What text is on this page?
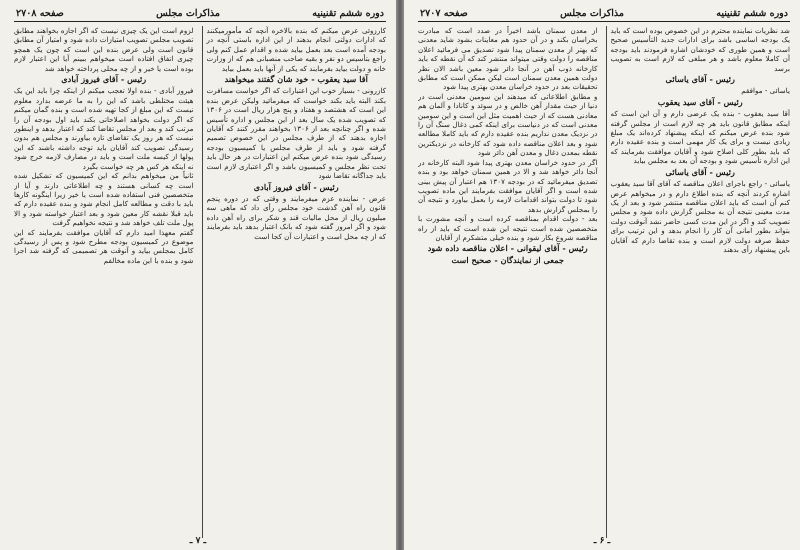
دوره ششم تقنینیه
مذاکرات مجلس
صفحه ۲۷۰۸

کارزوئی عرض میکنم که بنده بالاخره آنچه که مأمورمیکنند که ادارات دولتی انجام بدهند از این اداره باستی آنچه در بودجه آمده است بعد بعمل بیاید شده و اقدام عمل کنم ولی راجع بتأسیس دو نفر و بقیه صاحب منصبانی هم که از وزارت خانه و دولت بیاید بفرمایند که یکی از آنها باید بعمل بیاید

آقا سید یعقوب - خود شان گفتند میخواهند

کازرونی - بسیار خوب این اعتبارات که اگر خواست مسافرت بکند البته باید بکند خواست که میفرمائید ولیکن عرض بنده این است که هشتصد و هفتاد و پنج هزار ریال است در ۱۳۰۶ که تصویب شده یک سال بعد از این مجلس و اداره تأسیس شده و اگر چنانچه بعد از ۱۳۰۶ بخواهند مقرر کنند که آقایان اجازه بدهند که از طرف مجلس در این خصوص تصمیم گرفته شود و باید از طرف مجلس یا کمیسیون بودجه رسیدگی شود بنده عرض میکنم این اعتبارات در هر حال باید تحت نظر مجلس و کمیسیون باشد و اگر اعتباری لازم است باید جداگانه تقاضا شود

رئیس - آقای فیروز آبادی

عرض - نماینده عزم میفرمایند و وقتی که در دوره پنجم قانون راه آهن گذشت خود مجلس رأی داد که ماهی سه میلیون ریال از محل مالیات قند و شکر برای راه آهن داده شود و اگر امروز گفته شود که بانک اعتبار بدهد باید بفرمایند که از چه محل است و اعتبارات آن کجا است

لزوم است این یک چیزی نیست که اگر اجازه بخواهند مطابق تصویب مجلس تصویب امتیازات داده شود و امتیاز آن مطابق قانون است ولی عرض بنده این است که چون یک همچو چیزی اتفاق افتاده است میخواهم ببینم آیا این اعتبار لازم بوده است یا خیر و از چه محلی پرداخته خواهد شد

رئیس - آقای فیروز آبادی

فیروز آبادی - بنده اولا تعجب میکنم از اینکه چرا باید این یک هیئت مختلطی باشد که این را به ما عرضه بدارد معلوم نیست که این مبلغ از کجا تهیه شده است و بنده گمان میکنم که اگر دولت بخواهد اصلاحاتی بکند باید اول بودجه آن را مرتب کند و بعد از مجلس تقاضا کند که اعتبار بدهد و اینطور نیست که هر روز یک تقاضای تازه بیاورند و مجلس هم بدون رسیدگی تصویب کند آقایان باید توجه داشته باشند که این پولها از کیسه ملت است و باید در مصارف لازمه خرج شود نه اینکه هر کس هر چه خواست بگیرد

ثانیاً من میخواهم بدانم که این کمیسیون که تشکیل شده است چه کسانی هستند و چه اطلاعاتی دارند و آیا از متخصصین فنی استفاده شده است یا خیر زیرا اینگونه کارها باید با دقت و مطالعه کامل انجام شود و بنده عقیده دارم که باید قبلا نقشه کار معین شود و بعد اعتبار خواسته شود و الا پول ملت تلف خواهد شد و نتیجه نخواهیم گرفت

گفتم معهذا امید دارم که آقایان موافقت بفرمایند که این موضوع در کمیسیون بودجه مطرح شود و پس از رسیدگی کامل بمجلس بیاید و آنوقت هر تصمیمی که گرفته شد اجرا شود و بنده با این ماده مخالفم

ـ ۷ ـ
دوره ششم تقنینیه
مذاکرات مجلس
صفحه ۲۷۰۷

شد نظریات نماینده محترم در این خصوص بوده است که باید یک بودجه اساسی باشد برای ادارات جدید التأسیس صحیح است و همین طوری که خودشان اشاره فرمودند باید بودجه آن کاملا معلوم باشد و هر مبلغی که لازم است به تصویب برسد

رئیس - آقای یاسائی

یاسائی - موافقم

رئیس - آقای سید یعقوب

آقا سید یعقوب - بنده یک عرضی دارم و آن این است که اینکه مطابق قانون باید هر چه لازم است از مجلس گرفته شود بنده عرض میکنم که اینکه پیشنهاد کرده‌اند یک مبلغ زیادی نیست و برای یک کار مهمی است و بنده عقیده دارم که باید بطور کلی اصلاح شود و آقایان موافقت بفرمایند که این اداره تأسیس شود و بودجه آن بعد به مجلس بیاید

رئیس - آقای یاسائی

یاسائی - راجع باجرای اعلان مناقصه که آقای آقا سید یعقوب اشاره کردند آنچه که بنده اطلاع دارم و در میخواهم عرض کنم آن است که باید اعلان مناقصه منتشر شود و بعد از یک مدت معینی نتیجه آن به مجلس گزارش داده شود و مجلس تصویب کند و اگر در این مدت کسی حاضر نشد آنوقت دولت بتواند بطور امانی آن کار را انجام بدهد و این ترتیب برای حفظ صرفه دولت لازم است و بنده تقاضا دارم که آقایان باین پیشنهاد رأی بدهند

از معدن سمنان باشد اخیراً در صدد است که مبادرت بخراسان بکند و در آن حدود هم معاینات بشود شاید معدنی که بهتر از معدن سمنان پیدا شود تصدیق می فرمائید اعلان مناقصه را دولت وقتی میتواند منتشر کند که آن نقطه که باید کارخانه ذوب آهن در آنجا دائر شود معین باشد الان نظر دولت همین معدن سمنان است لیکن ممکن است که مطابق تحقیقات بعد در حدود خراسان معدن بهتری پیدا شود

و مطابق اطلاعاتی که میدهند این سومین معدنی است در دنیا از حیث مقدار آهن خالص و در سوئد و کانادا و آلمان هم معادنی هست که از حیث اهمیت مثل این است و این سومین معدنی است که در دنیاست برای اینکه کمی ذغال سنگ آن را در نزدیک معدن نداریم بنده عقیده دارم که باید کاملا مطالعه شود و بعد اعلان مناقصه داده شود که کارخانه در نزدیکترین نقطه بمعدن ذغال و معدن آهن دائر شود

اگر در حدود خراسان معدن بهتری پیدا شود البته کارخانه در آنجا دائر خواهد شد و الا در همین سمنان خواهد بود و بنده تصدیق میفرمائید که در بودجه ۱۳۰۷ هم اعتبار آن پیش بینی شده است و اگر آقایان موافقت بفرمایند این ماده تصویب شود تا دولت بتواند اقدامات لازمه را بعمل بیاورد و نتیجه آن را بمجلس گزارش بدهد

بعد - دولت اقدام بمناقصه کرده است و آنچه مشورت با متخصصین شده است نتیجه این شده است که باید از راه مناقصه شروع بکار شود و بنده خیلی متشکرم از آقایان

رئیس - آقای لیقوانی - اعلان مناقصه داده شود
جمعی از نمایندگان - صحیح است
ـ ۶ ـ
